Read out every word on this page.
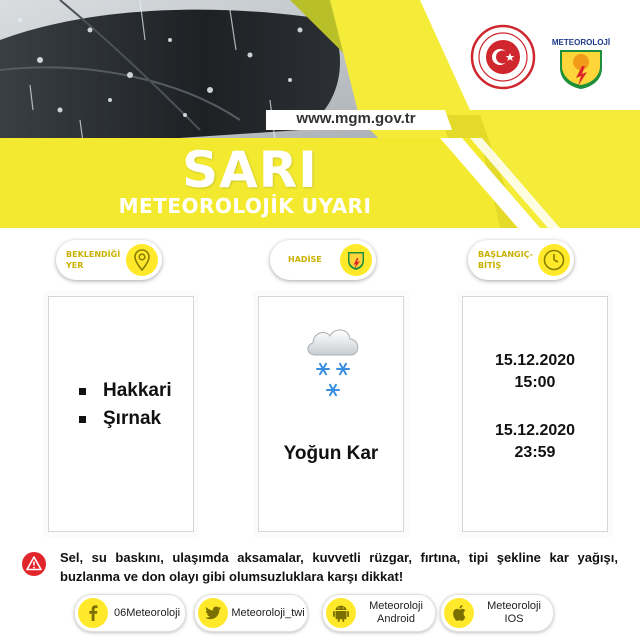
www.mgm.gov.tr
SARI
METEOROLOJİK UYARI
METEOROLOJİ
BEKLENDİĞİ
YER
HADİSE
BAŞLANGIÇ-
BİTİŞ
Hakkari
Şırnak
Yoğun Kar
15.12.2020
15:00
15.12.2020
23:59
Sel, su baskını, ulaşımda aksamalar, kuvvetli rüzgar, fırtına, tipi şekline kar yağışı, buzlanma ve don olayı gibi olumsuzluklara karşı dikkat!
06Meteoroloji	Meteoroloji_twi
Meteoroloji
Android
Meteoroloji
IOS
